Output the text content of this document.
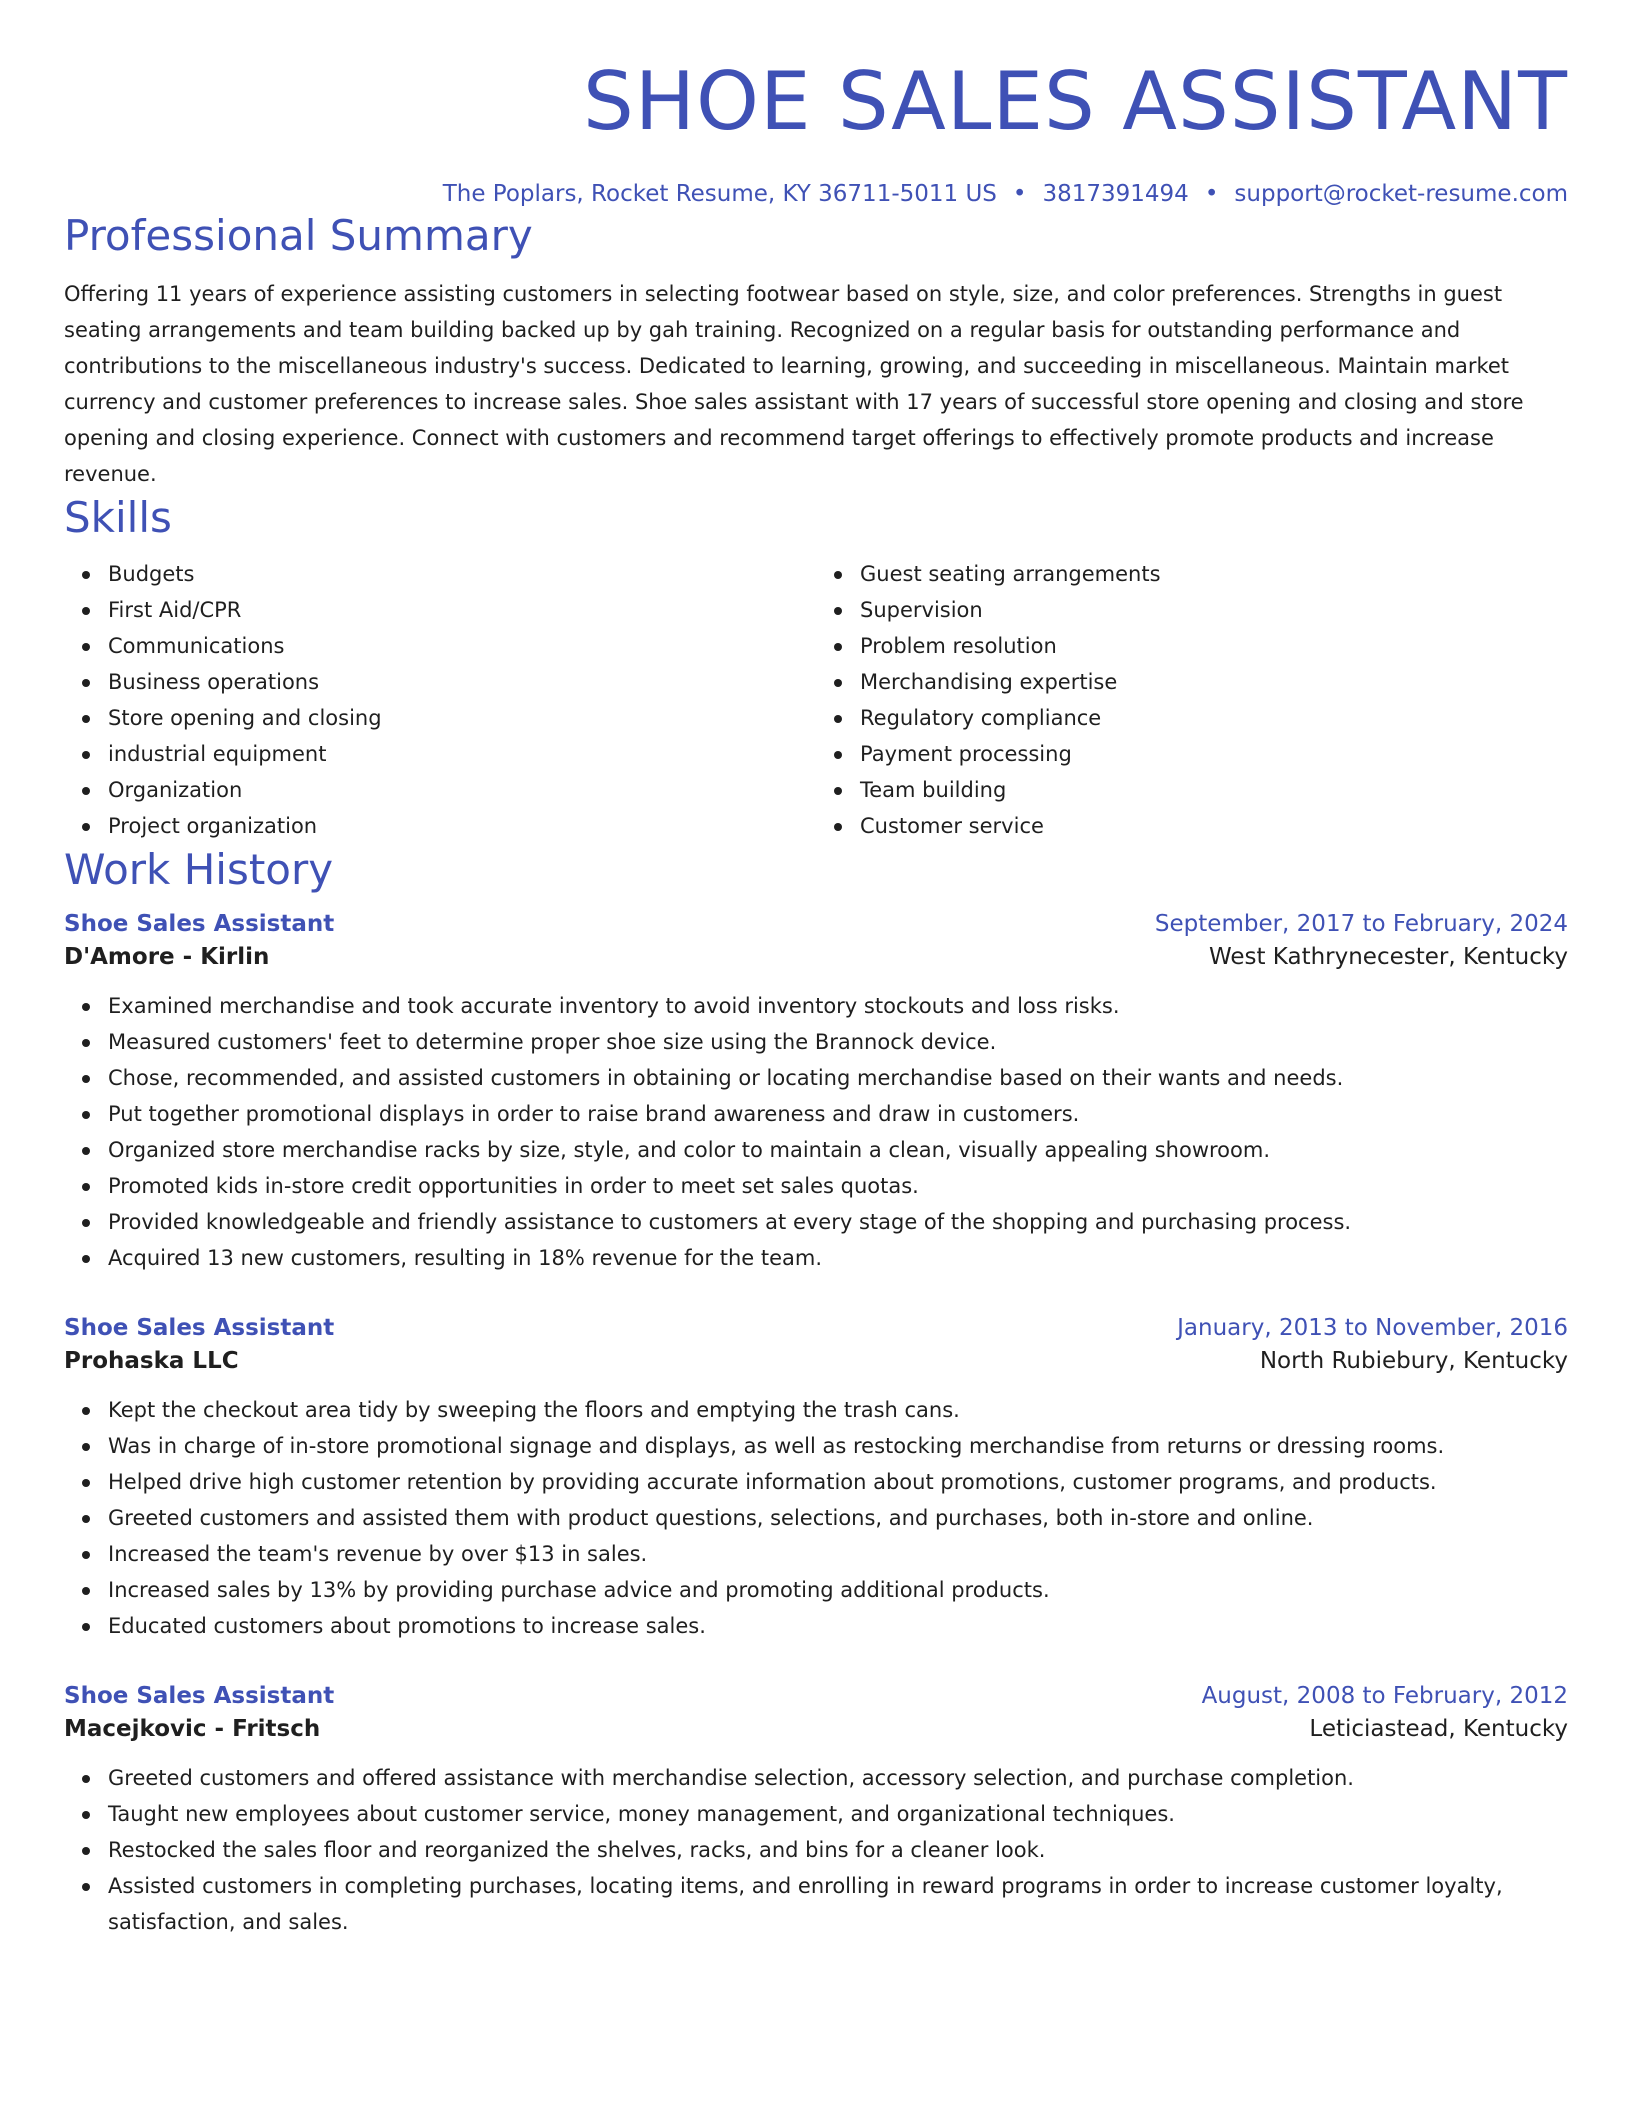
SHOE SALES ASSISTANT
The Poplars, Rocket Resume, KY 36711-5011 US • 3817391494 • support@rocket-resume.com
Professional Summary
Offering 11 years of experience assisting customers in selecting footwear based on style, size, and color preferences. Strengths in guest seating arrangements and team building backed up by gah training. Recognized on a regular basis for outstanding performance and contributions to the miscellaneous industry's success. Dedicated to learning, growing, and succeeding in miscellaneous. Maintain market currency and customer preferences to increase sales. Shoe sales assistant with 17 years of successful store opening and closing and store opening and closing experience. Connect with customers and recommend target offerings to effectively promote products and increase revenue.
Skills
Budgets
First Aid/CPR
Communications
Business operations
Store opening and closing
industrial equipment
Organization
Project organization
Guest seating arrangements
Supervision
Problem resolution
Merchandising expertise
Regulatory compliance
Payment processing
Team building
Customer service
Work History
Shoe Sales Assistant	September, 2017 to February, 2024
D'Amore - Kirlin	West Kathrynecester, Kentucky
Examined merchandise and took accurate inventory to avoid inventory stockouts and loss risks.
Measured customers' feet to determine proper shoe size using the Brannock device.
Chose, recommended, and assisted customers in obtaining or locating merchandise based on their wants and needs.
Put together promotional displays in order to raise brand awareness and draw in customers.
Organized store merchandise racks by size, style, and color to maintain a clean, visually appealing showroom.
Promoted kids in-store credit opportunities in order to meet set sales quotas.
Provided knowledgeable and friendly assistance to customers at every stage of the shopping and purchasing process.
Acquired 13 new customers, resulting in 18% revenue for the team.
Shoe Sales Assistant	January, 2013 to November, 2016
Prohaska LLC	North Rubiebury, Kentucky
Kept the checkout area tidy by sweeping the floors and emptying the trash cans.
Was in charge of in-store promotional signage and displays, as well as restocking merchandise from returns or dressing rooms.
Helped drive high customer retention by providing accurate information about promotions, customer programs, and products.
Greeted customers and assisted them with product questions, selections, and purchases, both in-store and online.
Increased the team's revenue by over $13 in sales.
Increased sales by 13% by providing purchase advice and promoting additional products.
Educated customers about promotions to increase sales.
Shoe Sales Assistant	August, 2008 to February, 2012
Macejkovic - Fritsch	Leticiastead, Kentucky
Greeted customers and offered assistance with merchandise selection, accessory selection, and purchase completion.
Taught new employees about customer service, money management, and organizational techniques.
Restocked the sales floor and reorganized the shelves, racks, and bins for a cleaner look.
Assisted customers in completing purchases, locating items, and enrolling in reward programs in order to increase customer loyalty, satisfaction, and sales.
